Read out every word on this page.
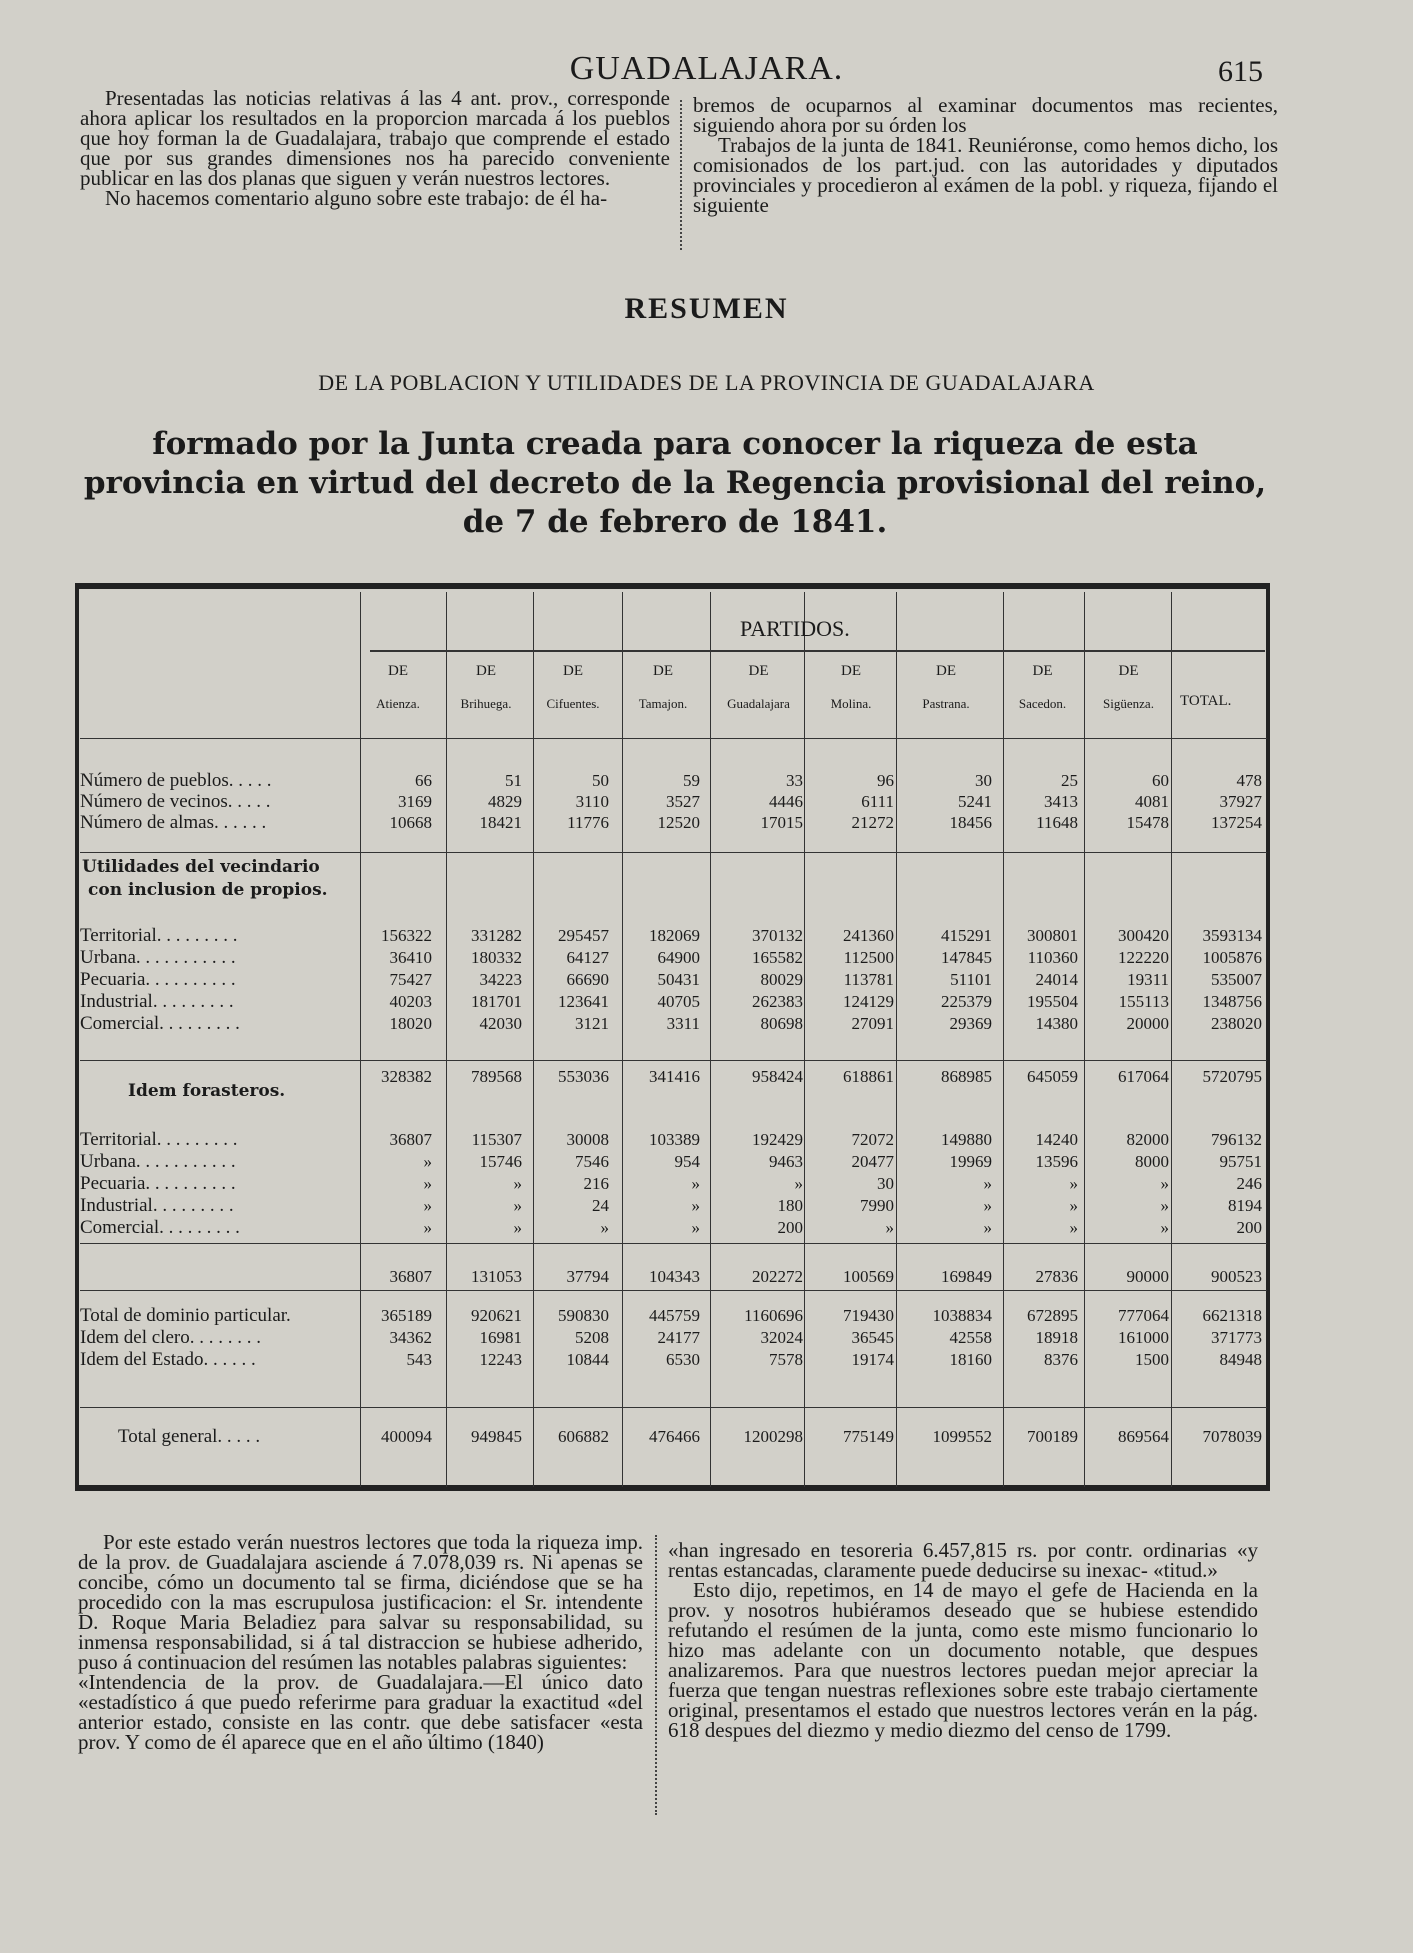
GUADALAJARA.	615

Presentadas las noticias relativas á las 4 ant. prov., corresponde ahora aplicar los resultados en la proporcion marcada á los pueblos que hoy forman la de Guadalajara, trabajo que comprende el estado que por sus grandes dimensiones nos ha parecido conveniente publicar en las dos planas que siguen y verán nuestros lectores.

No hacemos comentario alguno sobre este trabajo: de él ha-

bremos de ocuparnos al examinar documentos mas recientes, siguiendo ahora por su órden los

Trabajos de la junta de 1841. Reuniéronse, como hemos dicho, los comisionados de los part.jud. con las autoridades y diputados provinciales y procedieron al exámen de la pobl. y riqueza, fijando el siguiente

RESUMEN
DE LA POBLACION Y UTILIDADES DE LA PROVINCIA DE GUADALAJARA
formado por la Junta creada para conocer la riqueza de esta provincia en virtud del decreto de la Regencia provisional del reino, de 7 de febrero de 1841.
PARTIDOS.
DE
Atienza.
DE
Brihuega.
DE
Cifuentes.
DE
Tamajon.
DE
Guadalajara
DE
Molina.
DE
Pastrana.
DE
Sacedon.
DE
Sigüenza.	TOTAL.
Número de pueblos. . . . .	66	51	50	59	33	96	30	25	60	478
Número de vecinos. . . . .	3169	4829	3110	3527	4446	6111	5241	3413	4081	37927
Número de almas. . . . . .	10668	18421	11776	12520	17015	21272	18456	11648	15478	137254
Utilidades del vecindario
con inclusion de propios.
Territorial. . . . . . . . .	156322	331282	295457	182069	370132	241360	415291	300801	300420	3593134
Urbana. . . . . . . . . . .	36410	180332	64127	64900	165582	112500	147845	110360	122220	1005876
Pecuaria. . . . . . . . . .	75427	34223	66690	50431	80029	113781	51101	24014	19311	535007
Industrial. . . . . . . . .	40203	181701	123641	40705	262383	124129	225379	195504	155113	1348756
Comercial. . . . . . . . .	18020	42030	3121	3311	80698	27091	29369	14380	20000	238020
328382	789568	553036	341416	958424	618861	868985	645059	617064	5720795
Idem forasteros.
Territorial. . . . . . . . .	36807	115307	30008	103389	192429	72072	149880	14240	82000	796132
Urbana. . . . . . . . . . .	»	15746	7546	954	9463	20477	19969	13596	8000	95751
Pecuaria. . . . . . . . . .	»	»	216	»	»	30	»	»	»	246
Industrial. . . . . . . . .	»	»	24	»	180	7990	»	»	»	8194
Comercial. . . . . . . . .	»	»	»	»	200	»	»	»	»	200
36807	131053	37794	104343	202272	100569	169849	27836	90000	900523
Total de dominio particular.	365189	920621	590830	445759	1160696	719430	1038834	672895	777064	6621318
Idem del clero. . . . . . . .	34362	16981	5208	24177	32024	36545	42558	18918	161000	371773
Idem del Estado. . . . . .	543	12243	10844	6530	7578	19174	18160	8376	1500	84948
Total general. . . . .	400094	949845	606882	476466	1200298	775149	1099552	700189	869564	7078039

Por este estado verán nuestros lectores que toda la riqueza imp. de la prov. de Guadalajara asciende á 7.078,039 rs. Ni apenas se concibe, cómo un documento tal se firma, diciéndose que se ha procedido con la mas escrupulosa justificacion: el Sr. intendente D. Roque Maria Beladiez para salvar su responsabilidad, su inmensa responsabilidad, si á tal distraccion se hubiese adherido, puso á continuacion del resúmen las notables palabras siguientes:

«Intendencia de la prov. de Guadalajara.—El único dato «estadístico á que puedo referirme para graduar la exactitud «del anterior estado, consiste en las contr. que debe satisfacer «esta prov. Y como de él aparece que en el año último (1840)

«han ingresado en tesoreria 6.457,815 rs. por contr. ordinarias «y rentas estancadas, claramente puede deducirse su inexac- «titud.»

Esto dijo, repetimos, en 14 de mayo el gefe de Hacienda en la prov. y nosotros hubiéramos deseado que se hubiese estendido refutando el resúmen de la junta, como este mismo funcionario lo hizo mas adelante con un documento notable, que despues analizaremos. Para que nuestros lectores puedan mejor apreciar la fuerza que tengan nuestras reflexiones sobre este trabajo ciertamente original, presentamos el estado que nuestros lectores verán en la pág. 618 despues del diezmo y medio diezmo del censo de 1799.
